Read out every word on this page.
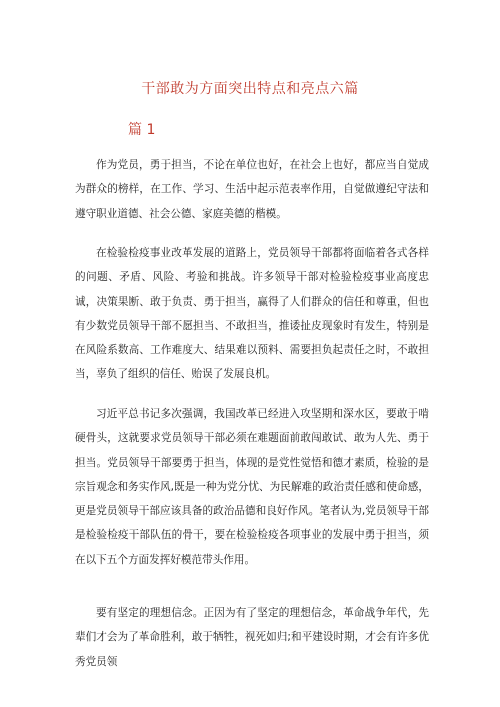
干部敢为方面突出特点和亮点六篇
篇 1

作为党员，勇于担当，不论在单位也好，在社会上也好，都应当自觉成为群众的榜样，在工作、学习、生活中起示范表率作用，自觉做遵纪守法和遵守职业道德、社会公德、家庭美德的楷模。

在检验检疫事业改革发展的道路上，党员领导干部都将面临着各式各样的问题、矛盾、风险、考验和挑战。许多领导干部对检验检疫事业高度忠诚，决策果断、敢于负责、勇于担当，赢得了人们群众的信任和尊重，但也有少数党员领导干部不愿担当、不敢担当，推诿扯皮现象时有发生，特别是在风险系数高、工作难度大、结果难以预料、需要担负起责任之时，不敢担当，辜负了组织的信任、贻误了发展良机。

习近平总书记多次强调，我国改革已经进入攻坚期和深水区，要敢于啃硬骨头，这就要求党员领导干部必须在难题面前敢闯敢试、敢为人先、勇于担当。党员领导干部要勇于担当，体现的是党性觉悟和德才素质，检验的是宗旨观念和务实作风,既是一种为党分忧、为民解难的政治责任感和使命感，更是党员领导干部应该具备的政治品德和良好作风。笔者认为,党员领导干部是检验检疫干部队伍的骨干，要在检验检疫各项事业的发展中勇于担当，须在以下五个方面发挥好模范带头作用。

要有坚定的理想信念。正因为有了坚定的理想信念，革命战争年代，先辈们才会为了革命胜利，敢于牺牲，视死如归;和平建设时期，才会有许多优秀党员领
